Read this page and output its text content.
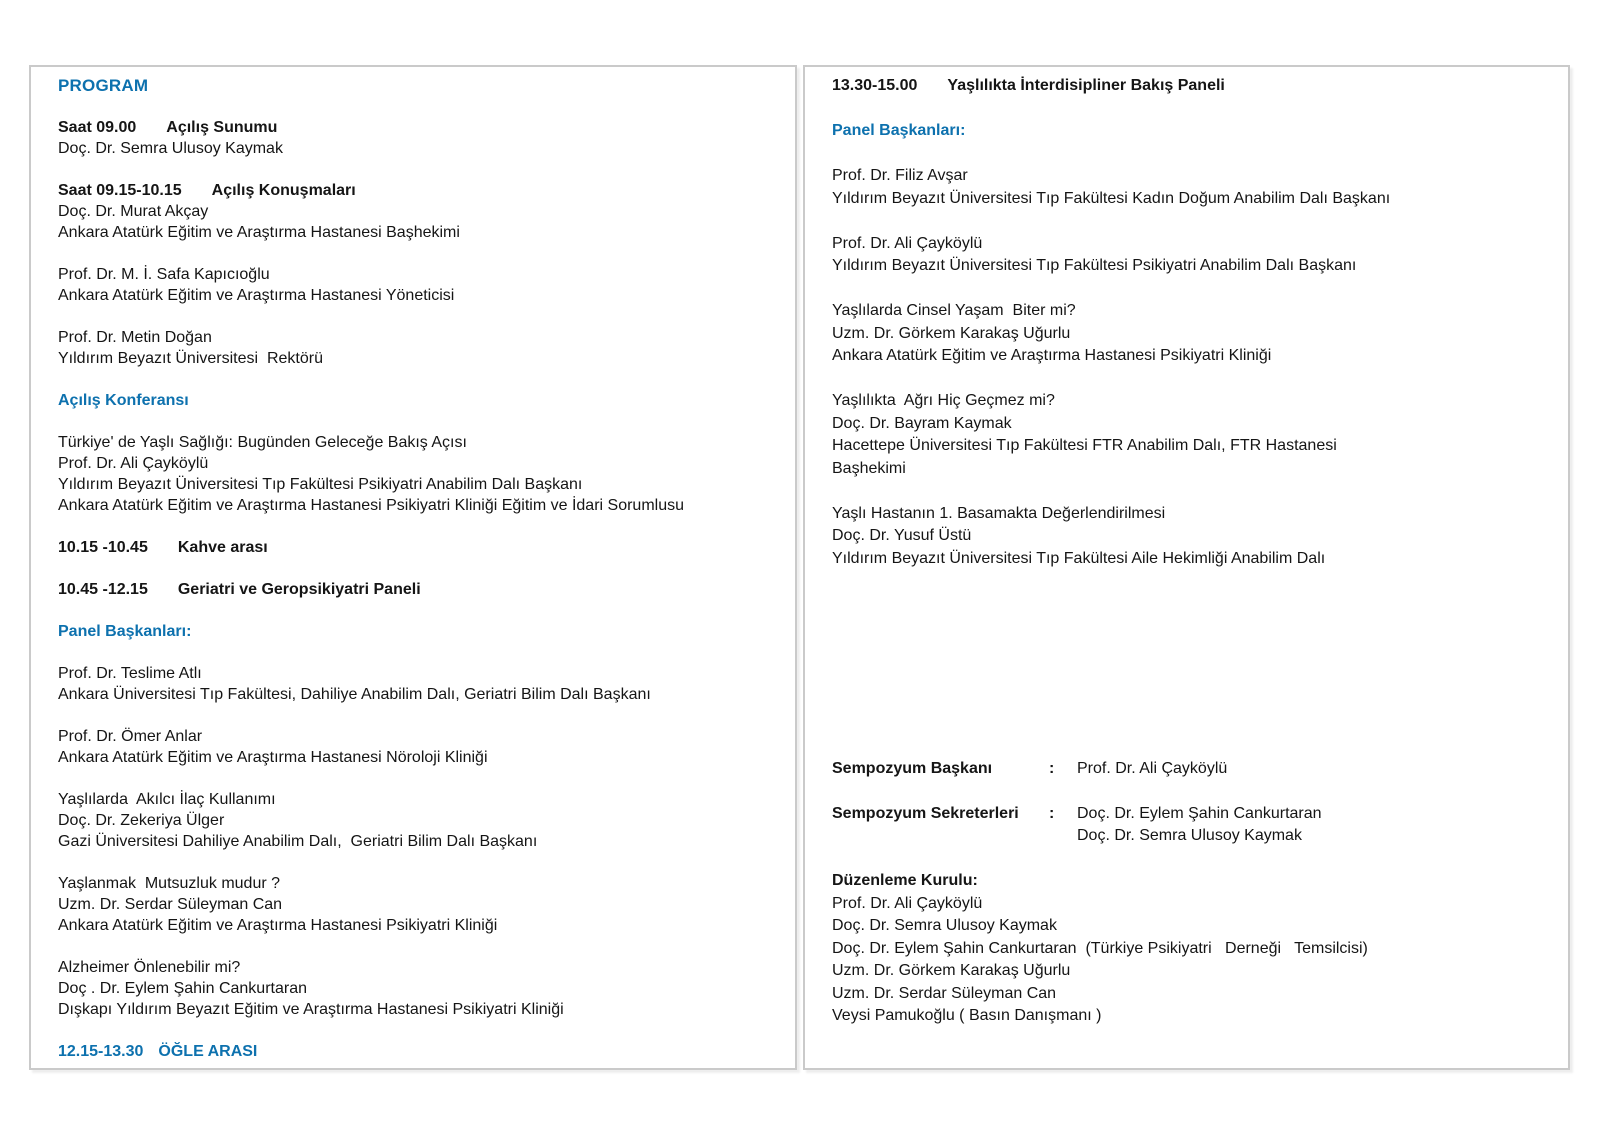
PROGRAM
Saat 09.00 Açılış Sunumu
Doç. Dr. Semra Ulusoy Kaymak
Saat 09.15-10.15 Açılış Konuşmaları
Doç. Dr. Murat Akçay
Ankara Atatürk Eğitim ve Araştırma Hastanesi Başhekimi
Prof. Dr. M. İ. Safa Kapıcıoğlu
Ankara Atatürk Eğitim ve Araştırma Hastanesi Yöneticisi
Prof. Dr. Metin Doğan
Yıldırım Beyazıt Üniversitesi  Rektörü
Açılış Konferansı
Türkiye' de Yaşlı Sağlığı: Bugünden Geleceğe Bakış Açısı
Prof. Dr. Ali Çayköylü
Yıldırım Beyazıt Üniversitesi Tıp Fakültesi Psikiyatri Anabilim Dalı Başkanı
Ankara Atatürk Eğitim ve Araştırma Hastanesi Psikiyatri Kliniği Eğitim ve İdari Sorumlusu
10.15 -10.45 Kahve arası
10.45 -12.15 Geriatri ve Geropsikiyatri Paneli
Panel Başkanları:
Prof. Dr. Teslime Atlı
Ankara Üniversitesi Tıp Fakültesi, Dahiliye Anabilim Dalı, Geriatri Bilim Dalı Başkanı
Prof. Dr. Ömer Anlar
Ankara Atatürk Eğitim ve Araştırma Hastanesi Nöroloji Kliniği
Yaşlılarda  Akılcı İlaç Kullanımı
Doç. Dr. Zekeriya Ülger
Gazi Üniversitesi Dahiliye Anabilim Dalı,  Geriatri Bilim Dalı Başkanı
Yaşlanmak  Mutsuzluk mudur ?
Uzm. Dr. Serdar Süleyman Can
Ankara Atatürk Eğitim ve Araştırma Hastanesi Psikiyatri Kliniği
Alzheimer Önlenebilir mi?
Doç . Dr. Eylem Şahin Cankurtaran
Dışkapı Yıldırım Beyazıt Eğitim ve Araştırma Hastanesi Psikiyatri Kliniği
12.15-13.30 ÖĞLE ARASI
13.30-15.00 Yaşlılıkta İnterdisipliner Bakış Paneli
Panel Başkanları:
Prof. Dr. Filiz Avşar
Yıldırım Beyazıt Üniversitesi Tıp Fakültesi Kadın Doğum Anabilim Dalı Başkanı
Prof. Dr. Ali Çayköylü
Yıldırım Beyazıt Üniversitesi Tıp Fakültesi Psikiyatri Anabilim Dalı Başkanı
Yaşlılarda Cinsel Yaşam  Biter mi?
Uzm. Dr. Görkem Karakaş Uğurlu
Ankara Atatürk Eğitim ve Araştırma Hastanesi Psikiyatri Kliniği
Yaşlılıkta  Ağrı Hiç Geçmez mi?
Doç. Dr. Bayram Kaymak
Hacettepe Üniversitesi Tıp Fakültesi FTR Anabilim Dalı, FTR Hastanesi
Başhekimi
Yaşlı Hastanın 1. Basamakta Değerlendirilmesi
Doç. Dr. Yusuf Üstü
Yıldırım Beyazıt Üniversitesi Tıp Fakültesi Aile Hekimliği Anabilim Dalı
Sempozyum Başkanı	:	Prof. Dr. Ali Çayköylü
Sempozyum Sekreterleri	:	Doç. Dr. Eylem Şahin Cankurtaran
Doç. Dr. Semra Ulusoy Kaymak
Düzenleme Kurulu:
Prof. Dr. Ali Çayköylü
Doç. Dr. Semra Ulusoy Kaymak
Doç. Dr. Eylem Şahin Cankurtaran  (Türkiye Psikiyatri   Derneği   Temsilcisi)
Uzm. Dr. Görkem Karakaş Uğurlu
Uzm. Dr. Serdar Süleyman Can
Veysi Pamukoğlu ( Basın Danışmanı )
